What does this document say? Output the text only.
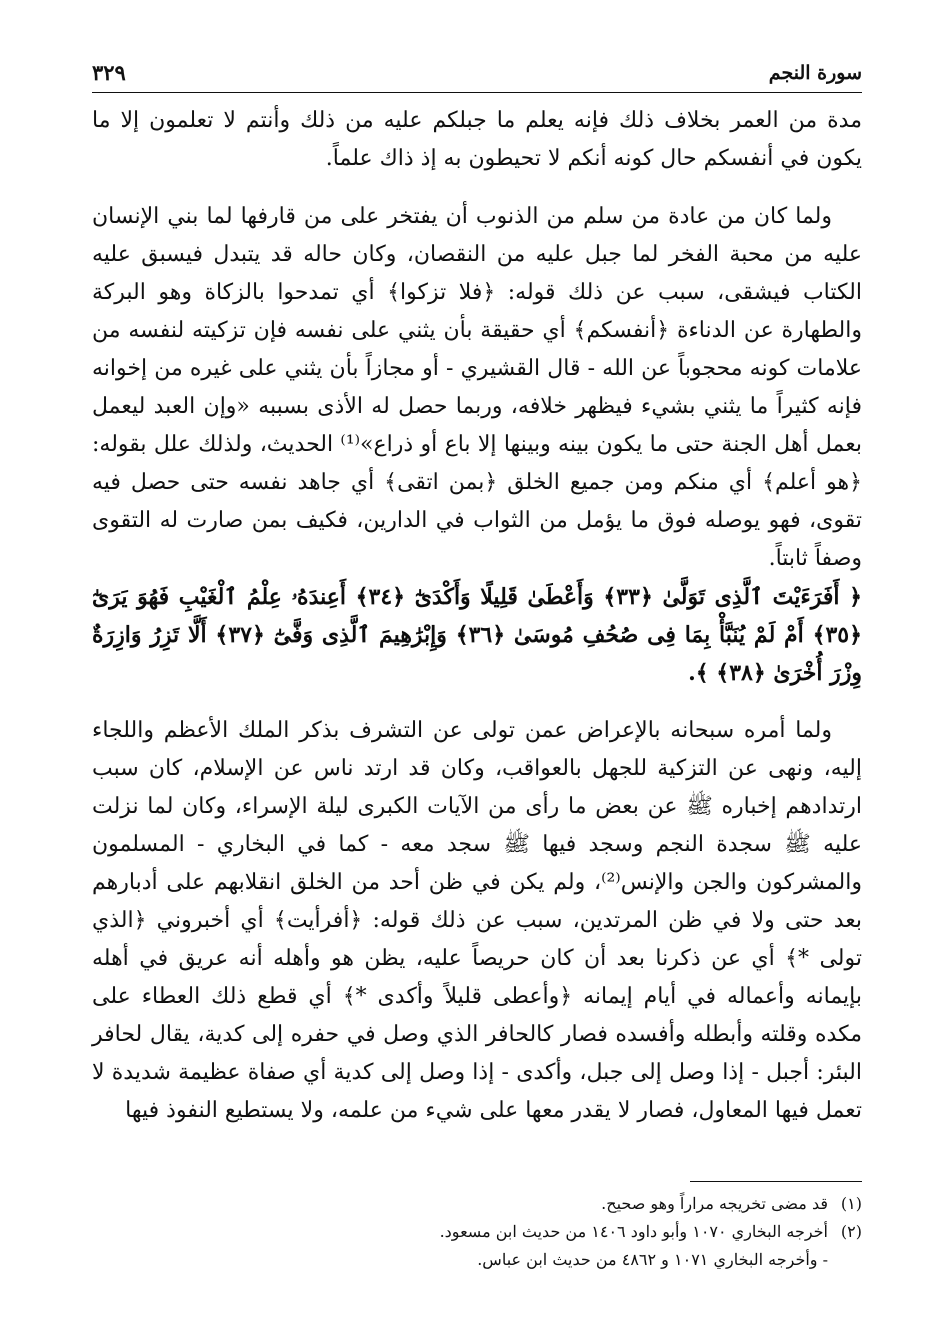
سورة النجم
٣٢٩

مدة من العمر بخلاف ذلك فإنه يعلم ما جبلكم عليه من ذلك وأنتم لا تعلمون إلا ما يكون في أنفسكم حال كونه أنكم لا تحيطون به إذ ذاك علماً.

ولما كان من عادة من سلم من الذنوب أن يفتخر على من قارفها لما بني الإنسان عليه من محبة الفخر لما جبل عليه من النقصان، وكان حاله قد يتبدل فيسبق عليه الكتاب فيشقى، سبب عن ذلك قوله: ﴿فلا تزكوا﴾ أي تمدحوا بالزكاة وهو البركة والطهارة عن الدناءة ﴿أنفسكم﴾ أي حقيقة بأن يثني على نفسه فإن تزكيته لنفسه من علامات كونه محجوباً عن الله - قال القشيري - أو مجازاً بأن يثني على غيره من إخوانه فإنه كثيراً ما يثني بشيء فيظهر خلافه، وربما حصل له الأذى بسببه «وإن العبد ليعمل بعمل أهل الجنة حتى ما يكون بينه وبينها إلا باع أو ذراع»⁽¹⁾ الحديث، ولذلك علل بقوله: ﴿هو أعلم﴾ أي منكم ومن جميع الخلق ﴿بمن اتقى﴾ أي جاهد نفسه حتى حصل فيه تقوى، فهو يوصله فوق ما يؤمل من الثواب في الدارين، فكيف بمن صارت له التقوى وصفاً ثابتاً.

﴿ أَفَرَءَيْتَ ٱلَّذِى تَوَلَّىٰ ﴿٣٣﴾ وَأَعْطَىٰ قَلِيلًا وَأَكْدَىٰٓ ﴿٣٤﴾ أَعِندَهُۥ عِلْمُ ٱلْغَيْبِ فَهُوَ يَرَىٰٓ ﴿٣٥﴾ أَمْ لَمْ يُنَبَّأْ بِمَا فِى صُحُفِ مُوسَىٰ ﴿٣٦﴾ وَإِبْرَٰهِيمَ ٱلَّذِى وَفَّىٰٓ ﴿٣٧﴾ أَلَّا تَزِرُ وَازِرَةٌ وِزْرَ أُخْرَىٰ ﴿٣٨﴾ ﴾.

ولما أمره سبحانه بالإعراض عمن تولى عن التشرف بذكر الملك الأعظم واللجاء إليه، ونهى عن التزكية للجهل بالعواقب، وكان قد ارتد ناس عن الإسلام، كان سبب ارتدادهم إخباره ﷺ عن بعض ما رأى من الآيات الكبرى ليلة الإسراء، وكان لما نزلت عليه ﷺ سجدة النجم وسجد فيها ﷺ سجد معه - كما في البخاري - المسلمون والمشركون والجن والإنس⁽²⁾، ولم يكن في ظن أحد من الخلق انقلابهم على أدبارهم بعد حتى ولا في ظن المرتدين، سبب عن ذلك قوله: ﴿أفرأيت﴾ أي أخبروني ﴿الذي تولى *﴾ أي عن ذكرنا بعد أن كان حريصاً عليه، يظن هو وأهله أنه عريق في أهله بإيمانه وأعماله في أيام إيمانه ﴿وأعطى قليلاً وأكدى *﴾ أي قطع ذلك العطاء على مكده وقلته وأبطله وأفسده فصار كالحافر الذي وصل في حفره إلى كدية، يقال لحافر البئر: أجبل - إذا وصل إلى جبل، وأكدى - إذا وصل إلى كدية أي صفاة عظيمة شديدة لا تعمل فيها المعاول، فصار لا يقدر معها على شيء من علمه، ولا يستطيع النفوذ فيها

(١)قد مضى تخريجه مراراً وهو صحيح.

(٢)أخرجه البخاري ١٠٧٠ وأبو داود ١٤٠٦ من حديث ابن مسعود.

- وأخرجه البخاري ١٠٧١ و ٤٨٦٢ من حديث ابن عباس.
